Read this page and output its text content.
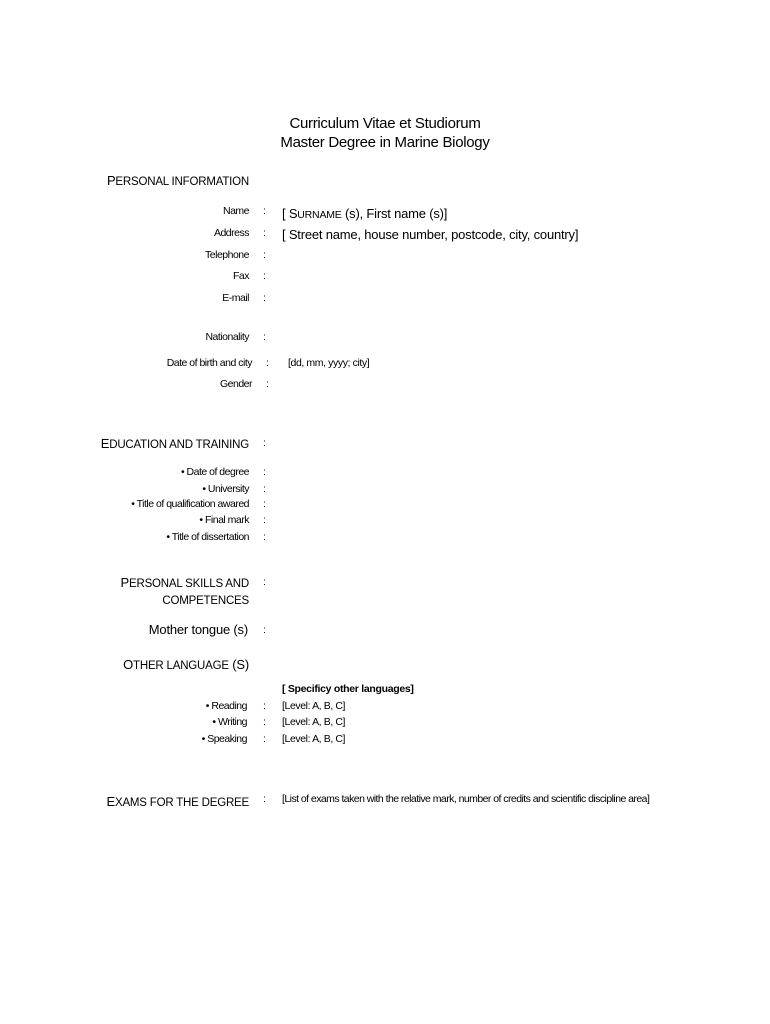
Curriculum Vitae et Studiorum
Master Degree in Marine Biology
PERSONAL INFORMATION
Name : [ SURNAME (s), First name (s)]
Address : [ Street name, house number, postcode, city, country]
Telephone :
Fax :
E-mail :
Nationality :
Date of birth and city : [dd, mm, yyyy; city]
Gender :
EDUCATION AND TRAINING :
• Date of degree :
• University :
• Title of qualification awared :
• Final mark :
• Title of dissertation :
PERSONAL SKILLS AND
COMPETENCES
:
Mother tongue (s) :
OTHER LANGUAGE (S)
[ Specificy other languages]
• Reading : [Level: A, B, C]
• Writing : [Level: A, B, C]
• Speaking : [Level: A, B, C]
EXAMS FOR THE DEGREE : [List of exams taken with the relative mark, number of credits and scientific discipline area]
